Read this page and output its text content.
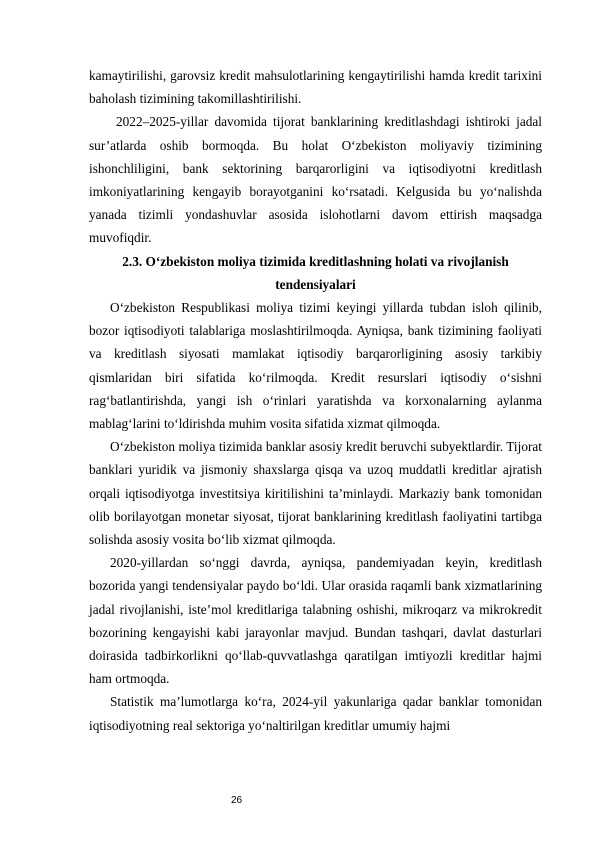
kamaytirilishi, garovsiz kredit mahsulotlarining kengaytirilishi hamda kredit tarixini baholash tizimining takomillashtirilishi.

2022–2025-yillar davomida tijorat banklarining kreditlashdagi ishtiroki jadal sur’atlarda oshib bormoqda. Bu holat O‘zbekiston moliyaviy tizimining ishonchliligini, bank sektorining barqarorligini va iqtisodiyotni kreditlash imkoniyatlarining kengayib borayotganini ko‘rsatadi. Kelgusida bu yo‘nalishda yanada tizimli yondashuvlar asosida islohotlarni davom ettirish maqsadga muvofiqdir.

2.3. O‘zbekiston moliya tizimida kreditlashning holati va rivojlanish tendensiyalari

O‘zbekiston Respublikasi moliya tizimi keyingi yillarda tubdan isloh qilinib, bozor iqtisodiyoti talablariga moslashtirilmoqda. Ayniqsa, bank tizimining faoliyati va kreditlash siyosati mamlakat iqtisodiy barqarorligining asosiy tarkibiy qismlaridan biri sifatida ko‘rilmoqda. Kredit resurslari iqtisodiy o‘sishni rag‘batlantirishda, yangi ish o‘rinlari yaratishda va korxonalarning aylanma mablag‘larini to‘ldirishda muhim vosita sifatida xizmat qilmoqda.

O‘zbekiston moliya tizimida banklar asosiy kredit beruvchi subyektlardir. Tijorat banklari yuridik va jismoniy shaxslarga qisqa va uzoq muddatli kreditlar ajratish orqali iqtisodiyotga investitsiya kiritilishini ta’minlaydi. Markaziy bank tomonidan olib borilayotgan monetar siyosat, tijorat banklarining kreditlash faoliyatini tartibga solishda asosiy vosita bo‘lib xizmat qilmoqda.

2020-yillardan so‘nggi davrda, ayniqsa, pandemiyadan keyin, kreditlash bozorida yangi tendensiyalar paydo bo‘ldi. Ular orasida raqamli bank xizmatlarining jadal rivojlanishi, iste’mol kreditlariga talabning oshishi, mikroqarz va mikrokredit bozorining kengayishi kabi jarayonlar mavjud. Bundan tashqari, davlat dasturlari doirasida tadbirkorlikni qo‘llab-quvvatlashga qaratilgan imtiyozli kreditlar hajmi ham ortmoqda.

Statistik ma’lumotlarga ko‘ra, 2024-yil yakunlariga qadar banklar tomonidan iqtisodiyotning real sektoriga yo‘naltirilgan kreditlar umumiy hajmi

26
